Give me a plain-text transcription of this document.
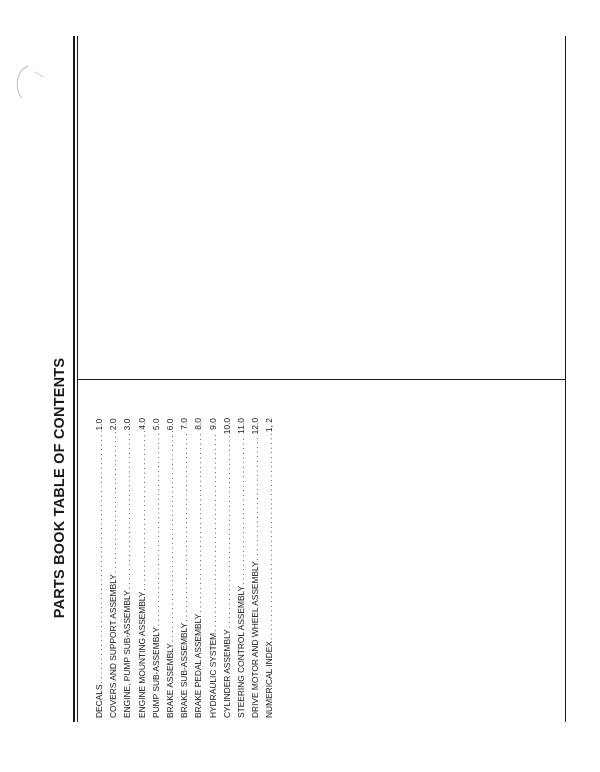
PARTS BOOK TABLE OF CONTENTS
DECALS
. . .
1.0
COVERS AND SUPPORT ASSEMBLY
. . .
2.0
ENGINE, PUMP SUB-ASSEMBLY
. . .
3.0
ENGINE MOUNTING ASSEMBLY
. . .
4.0
PUMP SUB-ASSEMBLY
. . .
5.0
BRAKE ASSEMBLY
. . .
6.0
BRAKE SUB-ASSEMBLY
. . .
7.0
BRAKE PEDAL ASSEMBLY
. . .
8.0
HYDRAULIC SYSTEM
. . .
9.0
CYLINDER ASSEMBLY
. . .
10.0
STEERING CONTROL ASSEMBLY
. . .
11.0
DRIVE MOTOR AND WHEEL ASSEMBLY
. . .
12.0
NUMERICAL INDEX
. . .
1, 2
